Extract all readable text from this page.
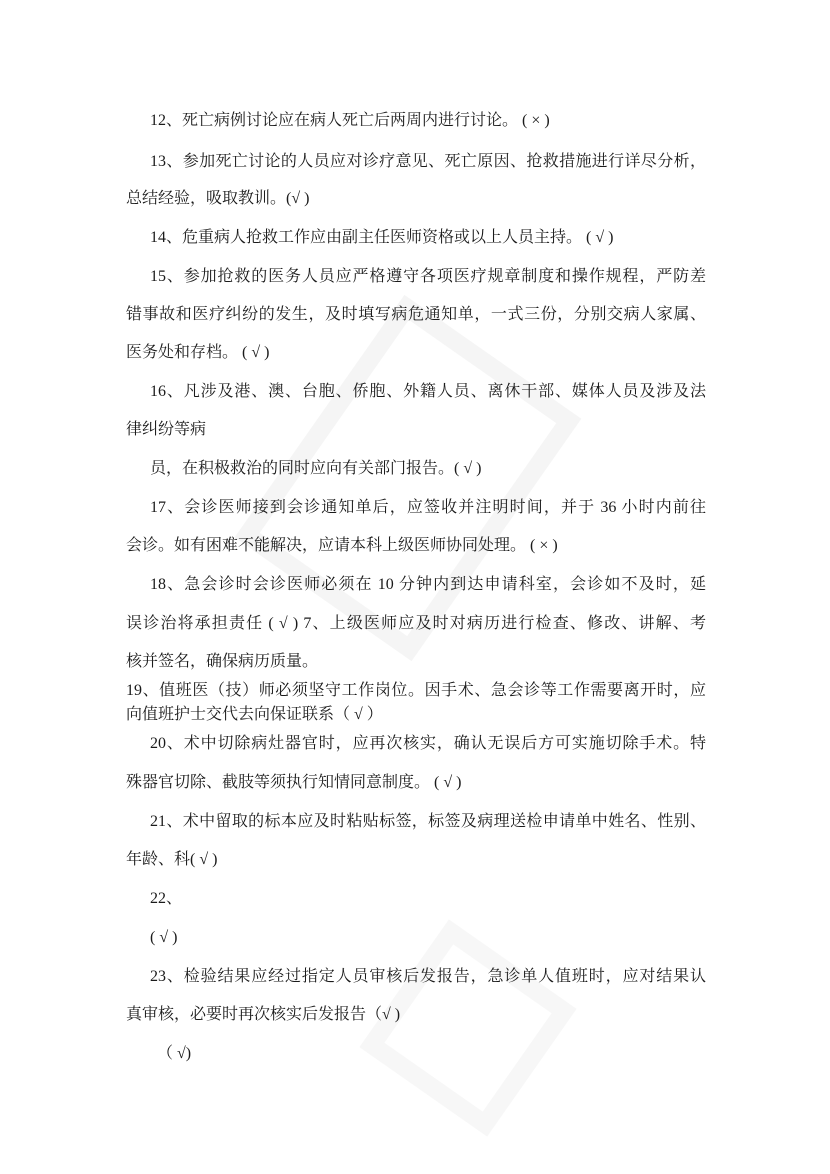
12、死亡病例讨论应在病人死亡后两周内进行讨论。 ( × )
13、参加死亡讨论的人员应对诊疗意见、死亡原因、抢救措施进行详尽分析，
总结经验，吸取教训。(√ )
14、危重病人抢救工作应由副主任医师资格或以上人员主持。 ( √ )
15、参加抢救的医务人员应严格遵守各项医疗规章制度和操作规程，严防差
错事故和医疗纠纷的发生，及时填写病危通知单，一式三份，分别交病人家属、
医务处和存档。 ( √ )
16、凡涉及港、澳、台胞、侨胞、外籍人员、离休干部、媒体人员及涉及法
律纠纷等病
员，在积极救治的同时应向有关部门报告。( √ )
17、会诊医师接到会诊通知单后，应签收并注明时间，并于 36 小时内前往
会诊。如有困难不能解决，应请本科上级医师协同处理。 ( × )
18、急会诊时会诊医师必须在 10 分钟内到达申请科室，会诊如不及时，延
误诊治将承担责任 ( √ ) 7、上级医师应及时对病历进行检查、修改、讲解、考
核并签名，确保病历质量。
19、值班医（技）师必须坚守工作岗位。因手术、急会诊等工作需要离开时，应
向值班护士交代去向保证联系（ √ ）
20、术中切除病灶器官时，应再次核实，确认无误后方可实施切除手术。特
殊器官切除、截肢等须执行知情同意制度。 ( √ )
21、术中留取的标本应及时粘贴标签，标签及病理送检申请单中姓名、性别、
年龄、科( √ )
22、
( √ )
23、检验结果应经过指定人员审核后发报告，急诊单人值班时，应对结果认
真审核，必要时再次核实后发报告（√ )
（ √)
